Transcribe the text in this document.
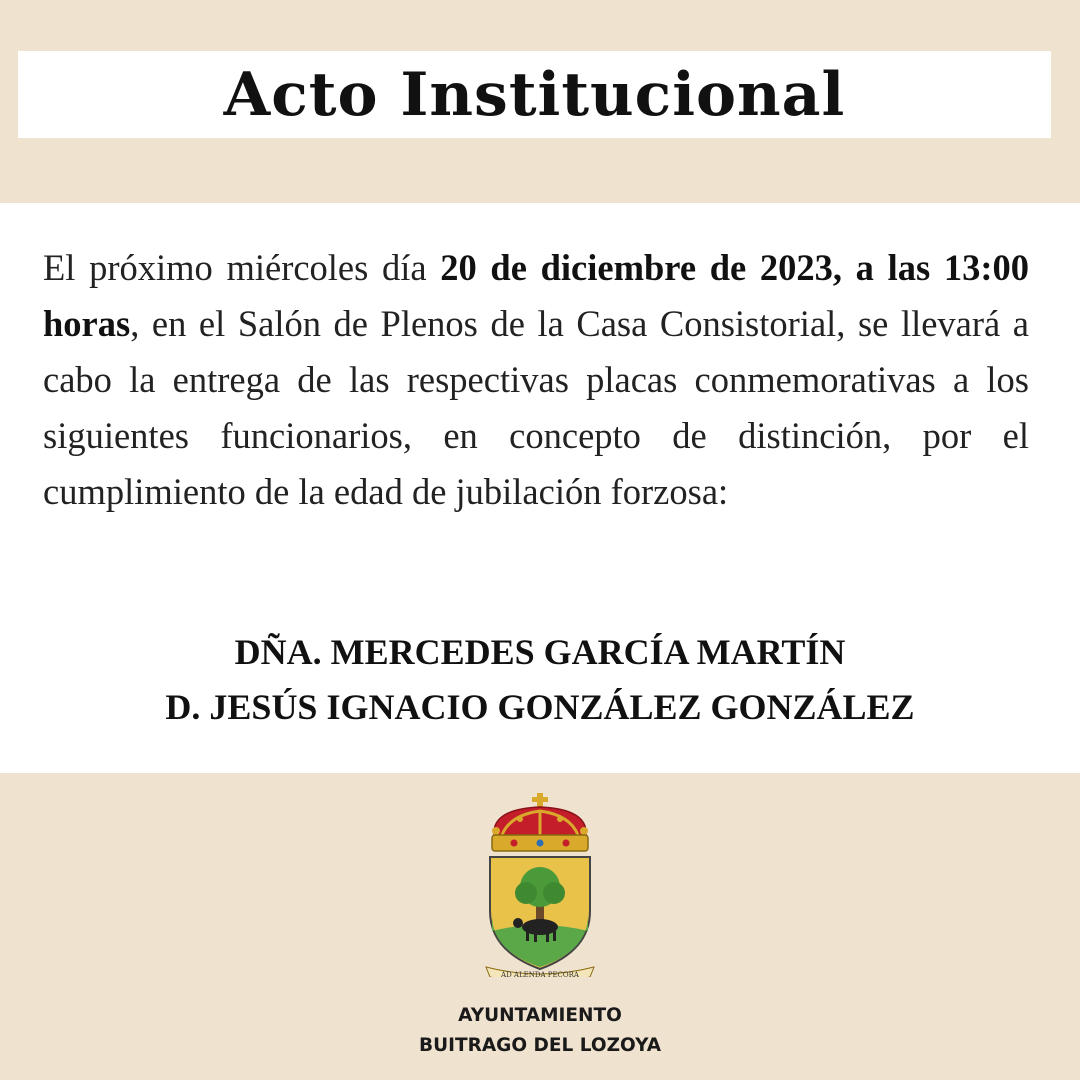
Acto Institucional

El próximo miércoles día 20 de diciembre de 2023, a las 13:00 horas, en el Salón de Plenos de la Casa Consistorial, se llevará a cabo la entrega de las respectivas placas conmemorativas a los siguientes funcionarios, en concepto de distinción, por el cumplimiento de la edad de jubilación forzosa:

DÑA. MERCEDES GARCÍA MARTÍN
D. JESÚS IGNACIO GONZÁLEZ GONZÁLEZ
AD ALENDA PECORA
AYUNTAMIENTO
BUITRAGO DEL LOZOYA
